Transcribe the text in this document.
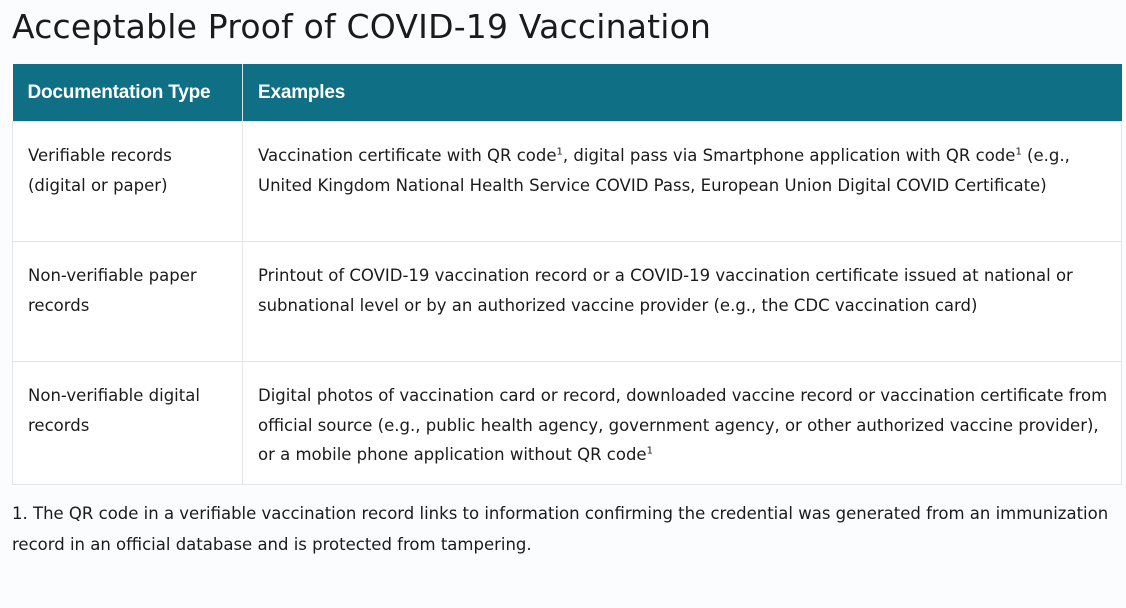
Acceptable Proof of COVID-19 Vaccination
Documentation Type	Examples
Verifiable records (digital or paper)	Vaccination certificate with QR code$^1$, digital pass via Smartphone application with QR code$^1$ (e.g., United Kingdom National Health Service COVID Pass, European Union Digital COVID Certificate)
Non-verifiable paper records	Printout of COVID-19 vaccination record or a COVID-19 vaccination certificate issued at national or subnational level or by an authorized vaccine provider (e.g., the CDC vaccination card)
Non-verifiable digital records	Digital photos of vaccination card or record, downloaded vaccine record or vaccination certificate from official source (e.g., public health agency, government agency, or other authorized vaccine provider), or a mobile phone application without QR code$^1$

1. The QR code in a verifiable vaccination record links to information confirming the credential was generated from an immunization record in an official database and is protected from tampering.
